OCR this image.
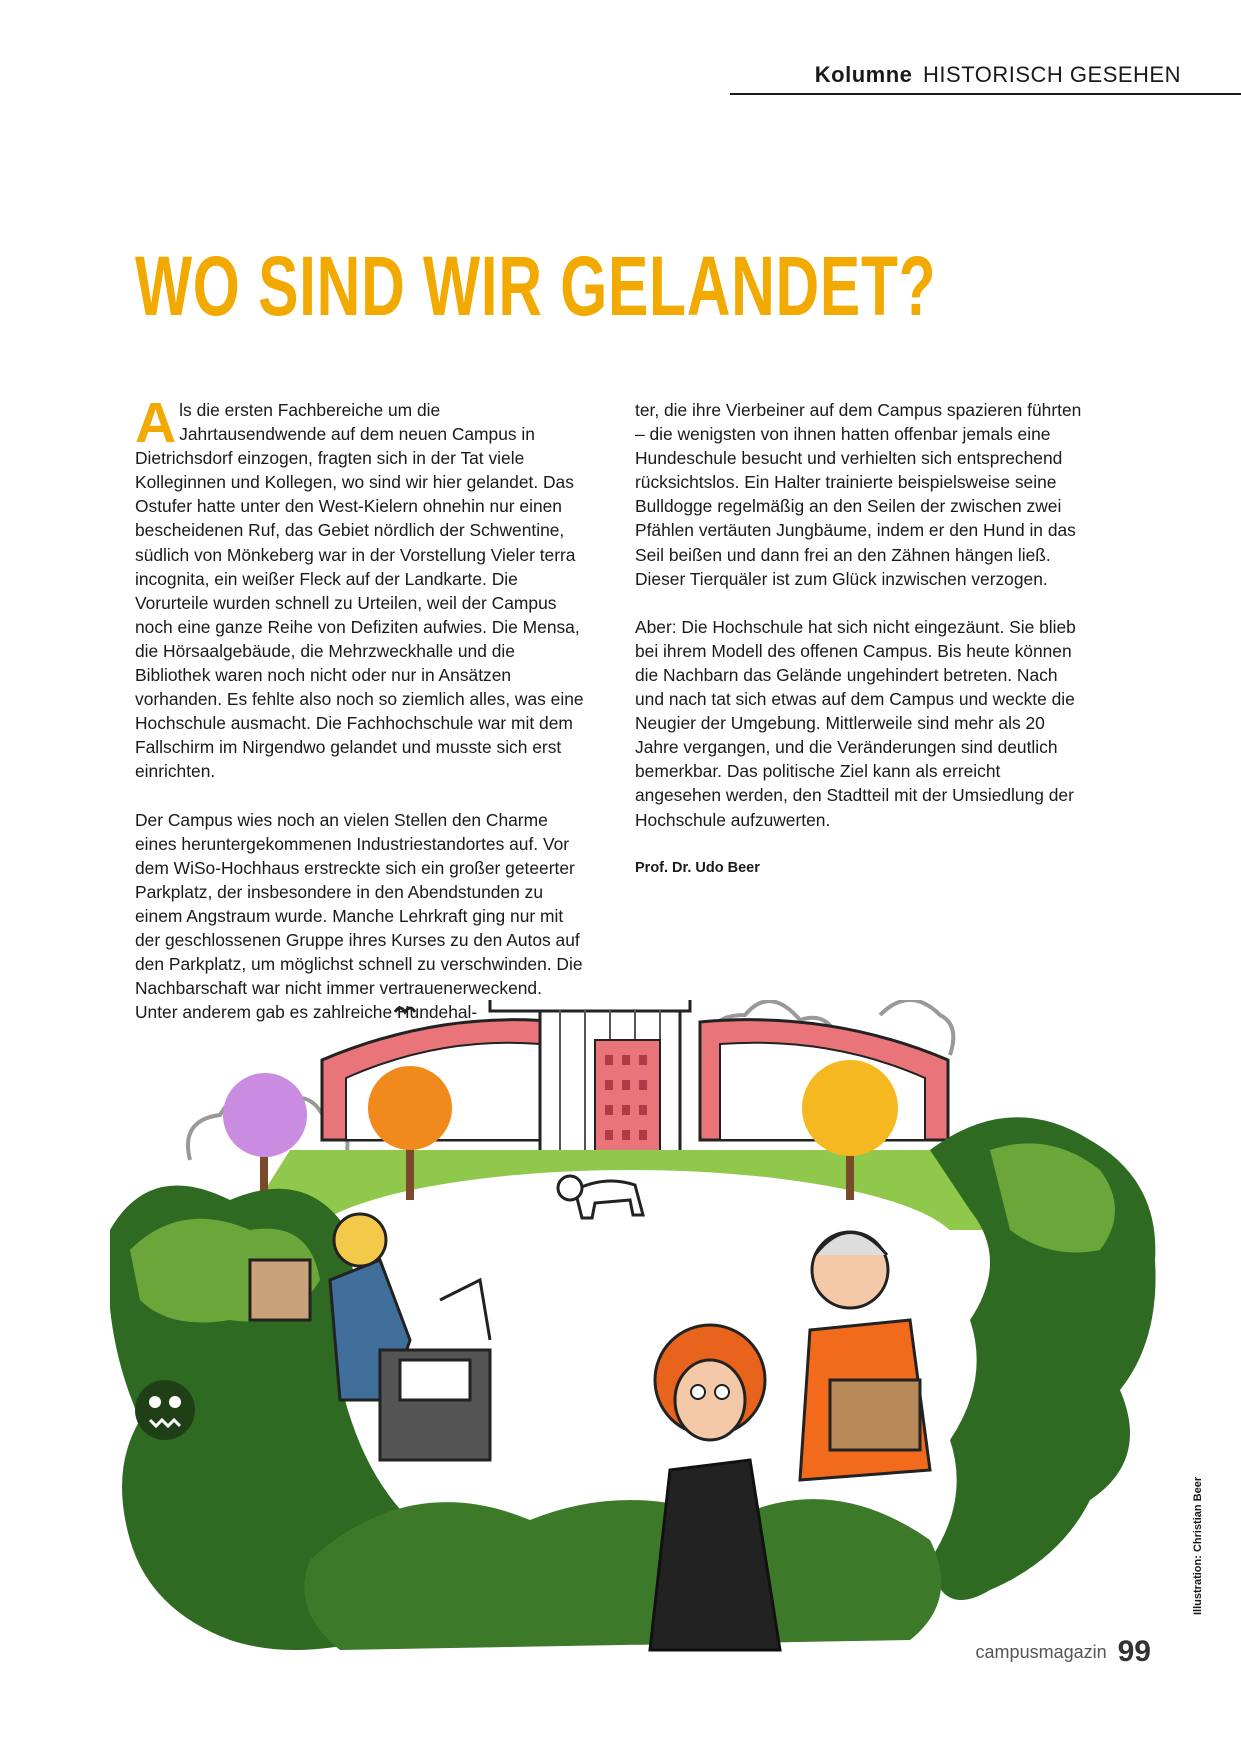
Kolumne HISTORISCH GESEHEN
WO SIND WIR GELANDET?

Als die ersten Fachbereiche um die Jahrtausendwende auf dem neuen Campus in Dietrichsdorf einzogen, fragten sich in der Tat viele Kolleginnen und Kollegen, wo sind wir hier gelandet. Das Ostufer hatte unter den West-Kielern ohnehin nur einen bescheidenen Ruf, das Gebiet nördlich der Schwentine, südlich von Mönkeberg war in der Vorstellung Vieler terra incognita, ein weißer Fleck auf der Landkarte. Die Vorurteile wurden schnell zu Urteilen, weil der Campus noch eine ganze Reihe von Defiziten aufwies. Die Mensa, die Hörsaalgebäude, die Mehrzweckhalle und die Bibliothek waren noch nicht oder nur in Ansätzen vorhanden. Es fehlte also noch so ziemlich alles, was eine Hochschule ausmacht. Die Fachhochschule war mit dem Fallschirm im Nirgendwo gelandet und musste sich erst einrichten.

Der Campus wies noch an vielen Stellen den Charme eines heruntergekommenen Industriestandortes auf. Vor dem WiSo-Hochhaus erstreckte sich ein großer geteerter Parkplatz, der insbesondere in den Abendstunden zu einem Angstraum wurde. Manche Lehrkraft ging nur mit der geschlossenen Gruppe ihres Kurses zu den Autos auf den Parkplatz, um möglichst schnell zu verschwinden. Die Nachbarschaft war nicht immer vertrauenerweckend. Unter anderem gab es zahlreiche Hundehal-

ter, die ihre Vierbeiner auf dem Campus spazieren führten – die wenigsten von ihnen hatten offenbar jemals eine Hundeschule besucht und verhielten sich entsprechend rücksichtslos. Ein Halter trainierte beispielsweise seine Bulldogge regelmäßig an den Seilen der zwischen zwei Pfählen vertäuten Jungbäume, indem er den Hund in das Seil beißen und dann frei an den Zähnen hängen ließ. Dieser Tierquäler ist zum Glück inzwischen verzogen.

Aber: Die Hochschule hat sich nicht eingezäunt. Sie blieb bei ihrem Modell des offenen Campus. Bis heute können die Nachbarn das Gelände ungehindert betreten. Nach und nach tat sich etwas auf dem Campus und weckte die Neugier der Umgebung. Mittlerweile sind mehr als 20 Jahre vergangen, und die Veränderungen sind deutlich bemerkbar. Das politische Ziel kann als erreicht angesehen werden, den Stadtteil mit der Umsiedlung der Hochschule aufzuwerten.

Prof. Dr. Udo Beer
Illustration: Christian Beer
campusmagazin 99
